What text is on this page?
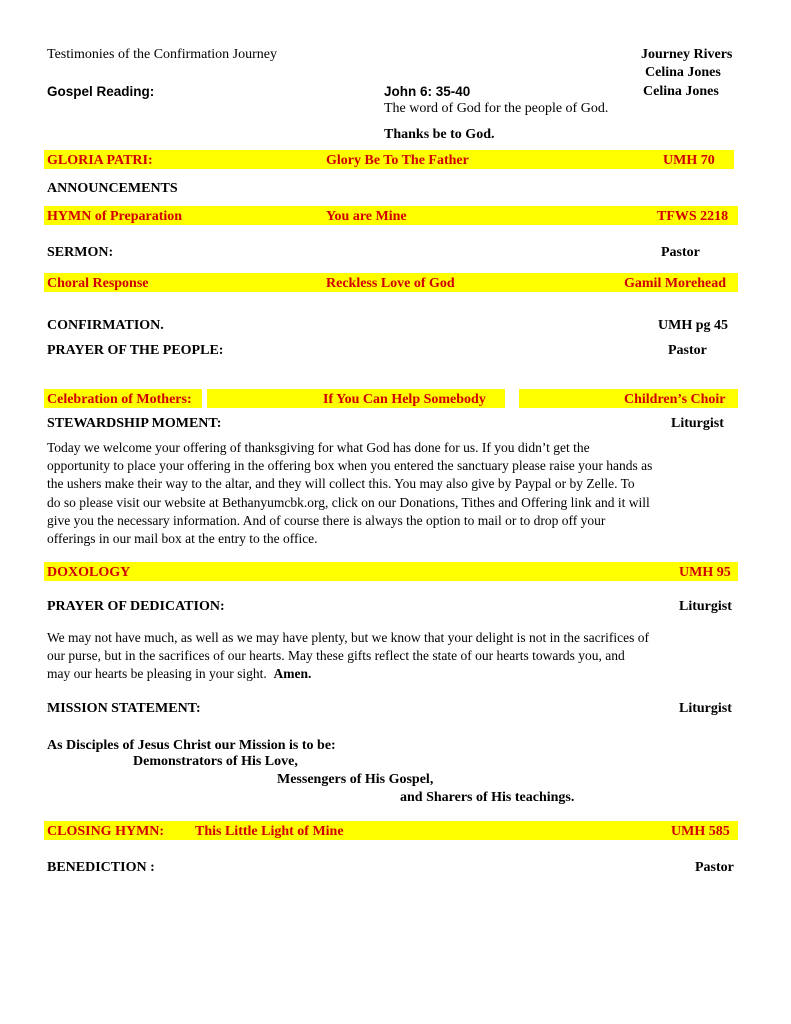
Testimonies of the Confirmation Journey	Journey Rivers
Celina Jones
Gospel Reading:	John 6: 35-40	Celina Jones
The word of God for the people of God.
Thanks be to God.
GLORIA PATRI:	Glory Be To The Father	UMH 70
ANNOUNCEMENTS
HYMN of Preparation	You are Mine	TFWS 2218
SERMON:	Pastor
Choral Response	Reckless Love of God	Gamil Morehead
CONFIRMATION.	UMH pg 45
PRAYER OF THE PEOPLE:	Pastor
Celebration of Mothers:	If You Can Help Somebody	Children’s Choir
STEWARDSHIP MOMENT:	Liturgist
Today we welcome your offering of thanksgiving for what God has done for us. If you didn’t get the
opportunity to place your offering in the offering box when you entered the sanctuary please raise your hands as
the ushers make their way to the altar, and they will collect this. You may also give by Paypal or by Zelle. To
do so please visit our website at Bethanyumcbk.org, click on our Donations, Tithes and Offering link and it will
give you the necessary information. And of course there is always the option to mail or to drop off your
offerings in our mail box at the entry to the office.
DOXOLOGY	UMH 95
PRAYER OF DEDICATION:	Liturgist
We may not have much, as well as we may have plenty, but we know that your delight is not in the sacrifices of
our purse, but in the sacrifices of our hearts. May these gifts reflect the state of our hearts towards you, and
may our hearts be pleasing in your sight. Amen.
MISSION STATEMENT:	Liturgist
As Disciples of Jesus Christ our Mission is to be:
Demonstrators of His Love,
Messengers of His Gospel,
and Sharers of His teachings.
CLOSING HYMN: This Little Light of Mine	UMH 585
BENEDICTION :	Pastor
